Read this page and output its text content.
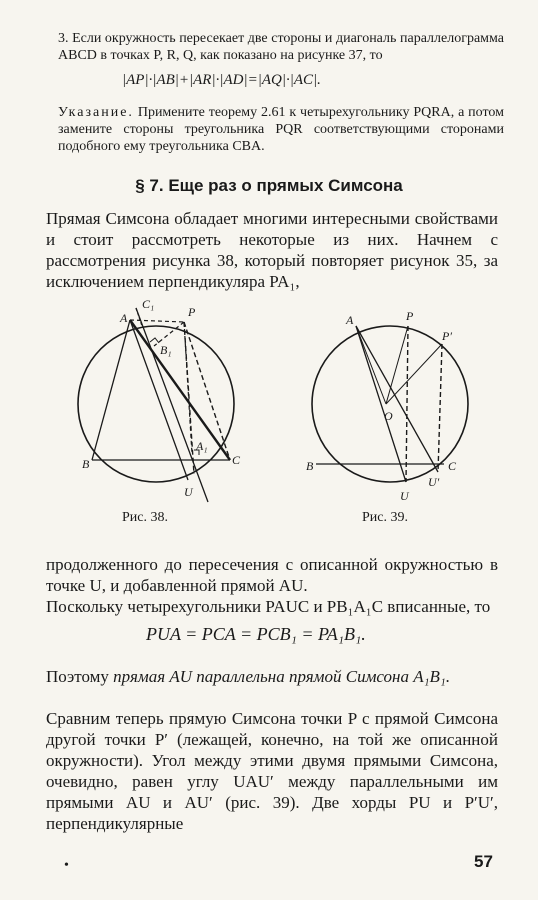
3. Если окружность пересекает две стороны и диагональ параллелограмма ABCD в точках P, R, Q, как показано на рисунке 37, то
|AP|·|AB|+|AR|·|AD|=|AQ|·|AC|.
Указание. Примените теорему 2.61 к четырехугольнику PQRA, а потом замените стороны треугольника PQR соответствующими сторонами подобного ему треугольника CBA.
§ 7. Еще раз о прямых Симсона
Прямая Симсона обладает многими интересными свойствами и стоит рассмотреть некоторые из них. Начнем с рассмотрения рисунка 38, который повторяет рисунок 35, за исключением перпендикуляра PA₁,
A	P
C₁
B₁
A₁
B	C
U
Рис. 38.
A	P
P′
O
B	C
U
U′
Рис. 39.
продолженного до пересечения с описанной окружностью в точке U, и добавленной прямой AU.
Поскольку четырехугольники PAUC и PB₁A₁C вписанные, то
PUA = PCA = PCB₁ = PA₁B₁.
Поэтому прямая AU параллельна прямой Симсона A₁B₁.
Сравним теперь прямую Симсона точки P с прямой Симсона другой точки P′ (лежащей, конечно, на той же описанной окружности). Угол между этими двумя прямыми Симсона, очевидно, равен углу UAU′ между параллельными им прямыми AU и AU′ (рис. 39). Две хорды PU и P′U′, перпендикулярные
•	57
